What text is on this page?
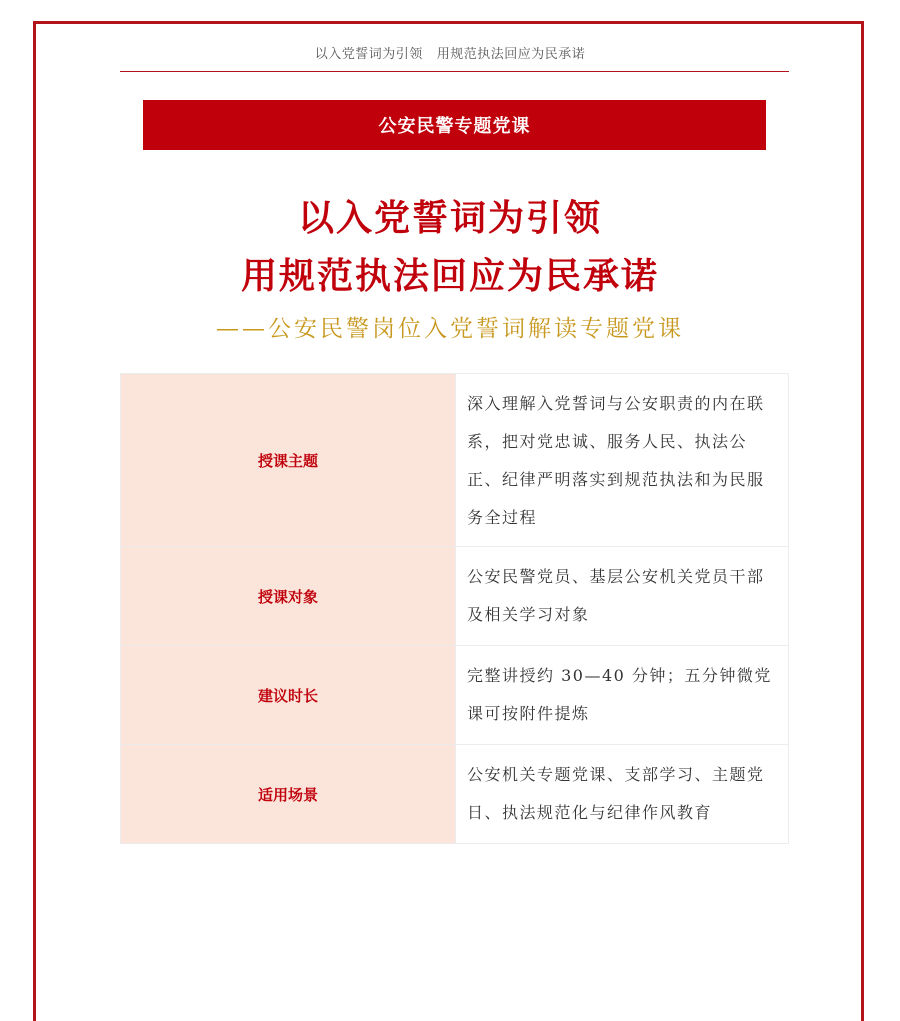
以入党誓词为引领 用规范执法回应为民承诺
公安民警专题党课
以入党誓词为引领
用规范执法回应为民承诺
——公安民警岗位入党誓词解读专题党课
授课主题	深入理解入党誓词与公安职责的内在联系，把对党忠诚、服务人民、执法公正、纪律严明落实到规范执法和为民服务全过程
授课对象	公安民警党员、基层公安机关党员干部及相关学习对象
建议时长	完整讲授约 30—40 分钟；五分钟微党课可按附件提炼
适用场景	公安机关专题党课、支部学习、主题党日、执法规范化与纪律作风教育
